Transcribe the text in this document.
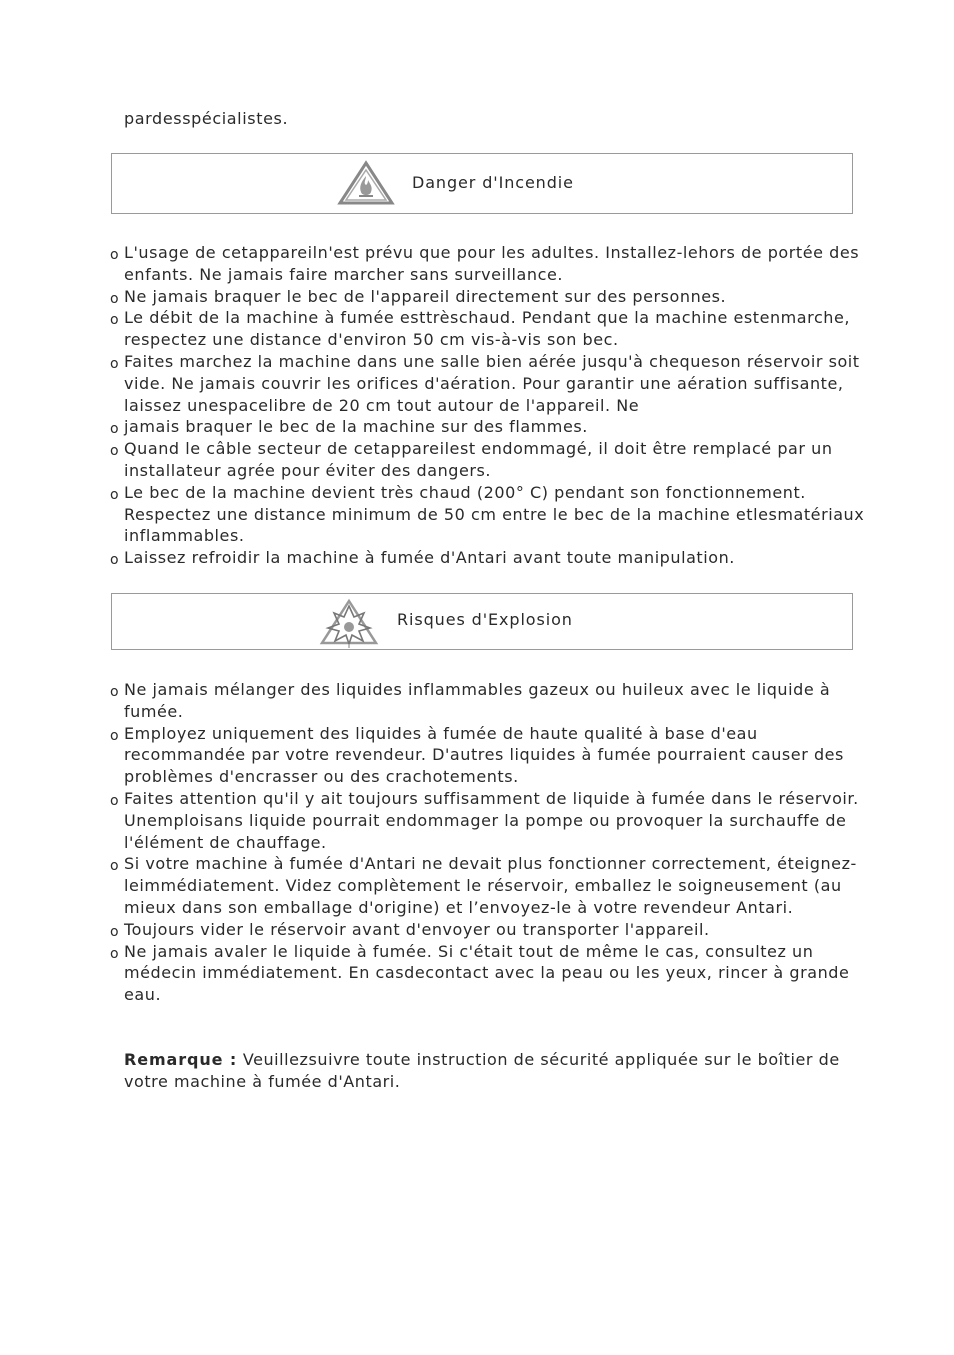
pardesspécialistes.
Danger d'Incendie
o L'usage de cetappareiln'est prévu que pour les adultes. Installez-lehors de portée des enfants. Ne jamais faire marcher sans surveillance.
o Ne jamais braquer le bec de l'appareil directement sur des personnes.
o Le débit de la machine à fumée esttrèschaud. Pendant que la machine estenmarche, respectez une distance d'environ 50 cm vis-à-vis son bec.
o Faites marchez la machine dans une salle bien aérée jusqu'à chequeson réservoir soit vide. Ne jamais couvrir les orifices d'aération. Pour garantir une aération suffisante, laissez unespacelibre de 20 cm tout autour de l'appareil. Ne
o jamais braquer le bec de la machine sur des flammes.
o Quand le câble secteur de cetappareilest endommagé, il doit être remplacé par un installateur agrée pour éviter des dangers.
o Le bec de la machine devient très chaud (200° C) pendant son fonctionnement. Respectez une distance minimum de 50 cm entre le bec de la machine etlesmatériaux inflammables.
o Laissez refroidir la machine à fumée d'Antari avant toute manipulation.
Risques d'Explosion
o Ne jamais mélanger des liquides inflammables gazeux ou huileux avec le liquide à fumée.
o Employez uniquement des liquides à fumée de haute qualité à base d'eau recommandée par votre revendeur. D'autres liquides à fumée pourraient causer des problèmes d'encrasser ou des crachotements.
o Faites attention qu'il y ait toujours suffisamment de liquide à fumée dans le réservoir. Unemploisans liquide pourrait endommager la pompe ou provoquer la surchauffe de l'élément de chauffage.
o Si votre machine à fumée d'Antari ne devait plus fonctionner correctement, éteignez-leimmédiatement. Videz complètement le réservoir, emballez le soigneusement (au mieux dans son emballage d'origine) et l’envoyez-le à votre revendeur Antari.
o Toujours vider le réservoir avant d'envoyer ou transporter l'appareil.
o Ne jamais avaler le liquide à fumée. Si c'était tout de même le cas, consultez un médecin immédiatement. En casdecontact avec la peau ou les yeux, rincer à grande eau.
Remarque : Veuillezsuivre toute instruction de sécurité appliquée sur le boîtier de votre machine à fumée d'Antari.
